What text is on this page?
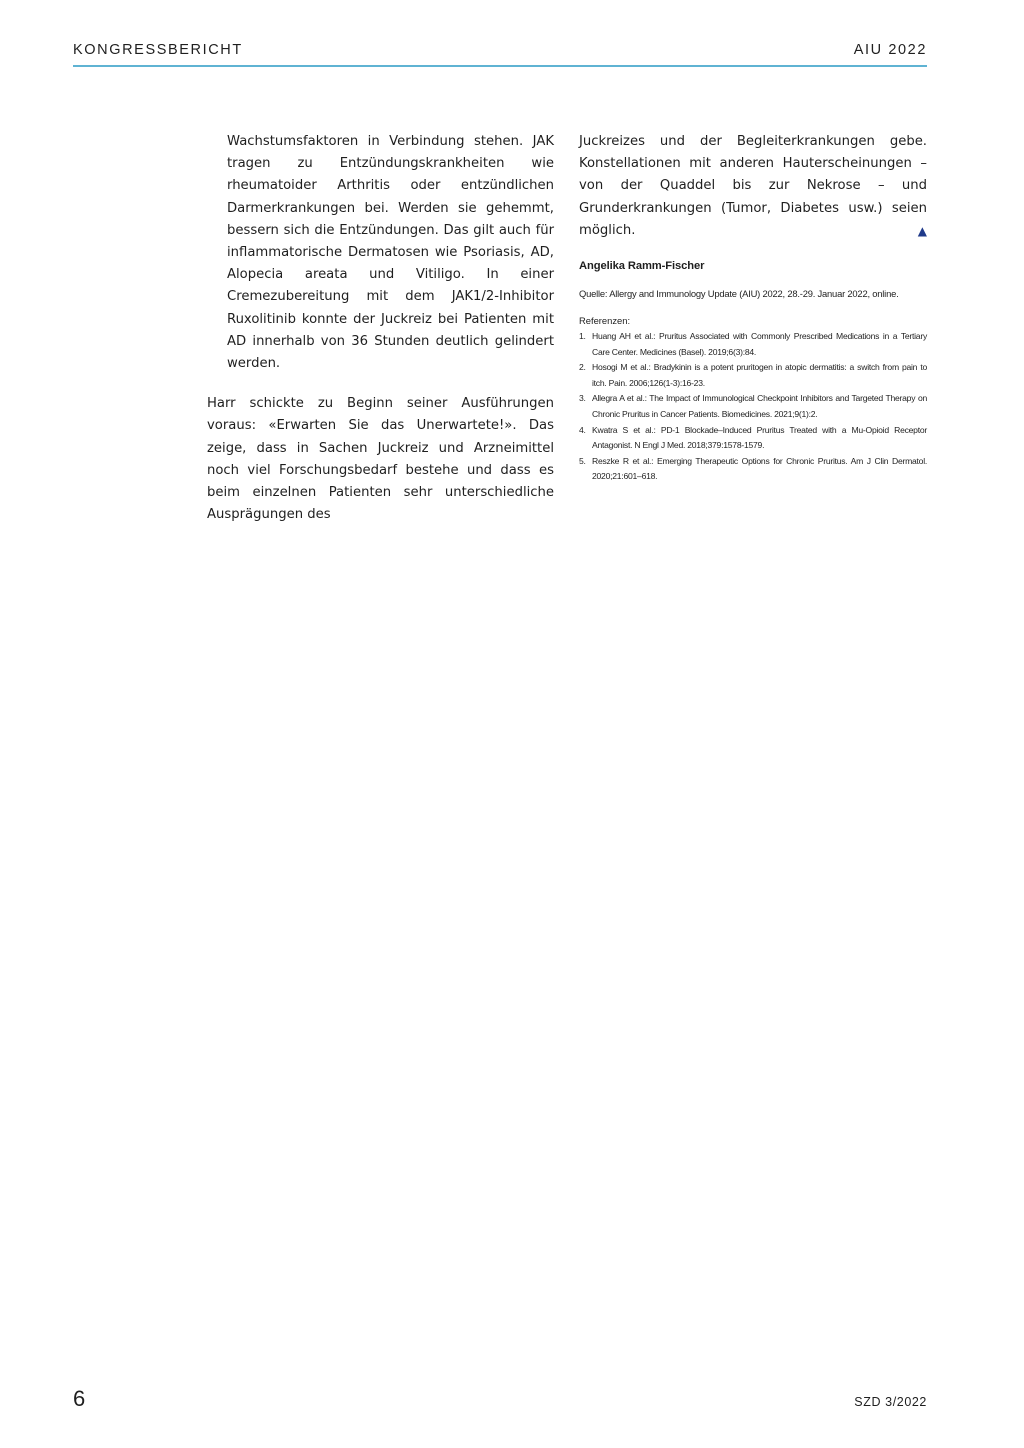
KONGRESSBERICHT	AIU 2022

Wachstumsfaktoren in Verbindung stehen. JAK tragen zu Entzündungskrankheiten wie rheumatoider Arthritis oder entzündlichen Darmerkrankungen bei. Werden sie gehemmt, bessern sich die Entzündungen. Das gilt auch für inflammatorische Dermatosen wie Psoriasis, AD, Alopecia areata und Vitiligo. In einer Cremezubereitung mit dem JAK1/2-Inhibitor Ruxolitinib konnte der Juckreiz bei Patienten mit AD innerhalb von 36 Stunden deutlich gelindert werden.

Harr schickte zu Beginn seiner Ausführungen voraus: «Erwarten Sie das Unerwartete!». Das zeige, dass in Sachen Juckreiz und Arzneimittel noch viel Forschungsbedarf bestehe und dass es beim einzelnen Patienten sehr unterschiedliche Ausprägungen des

Juckreizes und der Begleiterkrankungen gebe. Konstellationen mit anderen Hauterscheinungen – von der Quaddel bis zur Nekrose – und Grunderkrankungen (Tumor, Diabetes usw.) seien möglich.	▲

Angelika Ramm-Fischer

Quelle: Allergy and Immunology Update (AIU) 2022, 28.-29. Januar 2022, online.

Referenzen:

1. Huang AH et al.: Pruritus Associated with Commonly Prescribed Medications in a Tertiary Care Center. Medicines (Basel). 2019;6(3):84.
2. Hosogi M et al.: Bradykinin is a potent pruritogen in atopic dermatitis: a switch from pain to itch. Pain. 2006;126(1-3):16-23.
3. Allegra A et al.: The Impact of Immunological Checkpoint Inhibitors and Targeted Therapy on Chronic Pruritus in Cancer Patients. Biomedicines. 2021;9(1):2.
4. Kwatra S et al.: PD-1 Blockade–Induced Pruritus Treated with a Mu-Opioid Receptor Antagonist. N Engl J Med. 2018;379:1578-1579.
5. Reszke R et al.: Emerging Therapeutic Options for Chronic Pruritus. Am J Clin Dermatol. 2020;21:601–618.
6	SZD 3/2022
